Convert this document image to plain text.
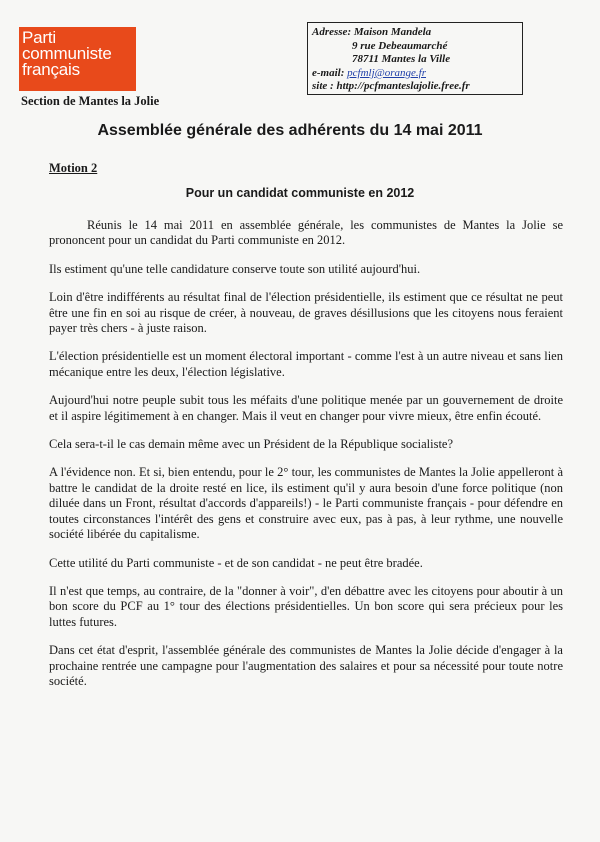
Parti
communiste
français
Section de Mantes la Jolie
Adresse: Maison Mandela
9 rue Debeaumarché
78711 Mantes la Ville
e-mail: pcfmlj@orange.fr
site : http://pcfmanteslajolie.free.fr
Assemblée générale des adhérents du 14 mai 2011
Motion 2
Pour un candidat communiste en 2012

Réunis le 14 mai 2011 en assemblée générale, les communistes de Mantes la Jolie se prononcent pour un candidat du Parti communiste en 2012.

Ils estiment qu'une telle candidature conserve toute son utilité aujourd'hui.

Loin d'être indifférents au résultat final de l'élection présidentielle, ils estiment que ce résultat ne peut être une fin en soi au risque de créer, à nouveau, de graves désillusions que les citoyens nous feraient payer très chers - à juste raison.

L'élection présidentielle est un moment électoral important - comme l'est à un autre niveau et sans lien mécanique entre les deux, l'élection législative.

Aujourd'hui notre peuple subit tous les méfaits d'une politique menée par un gouvernement de droite et il aspire légitimement à en changer. Mais il veut en changer pour vivre mieux, être enfin écouté.

Cela sera-t-il le cas demain même avec un Président de la République socialiste?

A l'évidence non. Et si, bien entendu, pour le 2° tour, les communistes de Mantes la Jolie appelleront à battre le candidat de la droite resté en lice, ils estiment qu'il y aura besoin d'une force politique (non diluée dans un Front, résultat d'accords d'appareils!) - le Parti communiste français - pour défendre en toutes circonstances l'intérêt des gens et construire avec eux, pas à pas, à leur rythme, une nouvelle société libérée du capitalisme.

Cette utilité du Parti communiste - et de son candidat - ne peut être bradée.

Il n'est que temps, au contraire, de la "donner à voir", d'en débattre avec les citoyens pour aboutir à un bon score du PCF au 1° tour des élections présidentielles. Un bon score qui sera précieux pour les luttes futures.

Dans cet état d'esprit, l'assemblée générale des communistes de Mantes la Jolie décide d'engager à la prochaine rentrée une campagne pour l'augmentation des salaires et pour sa nécessité pour toute notre société.
